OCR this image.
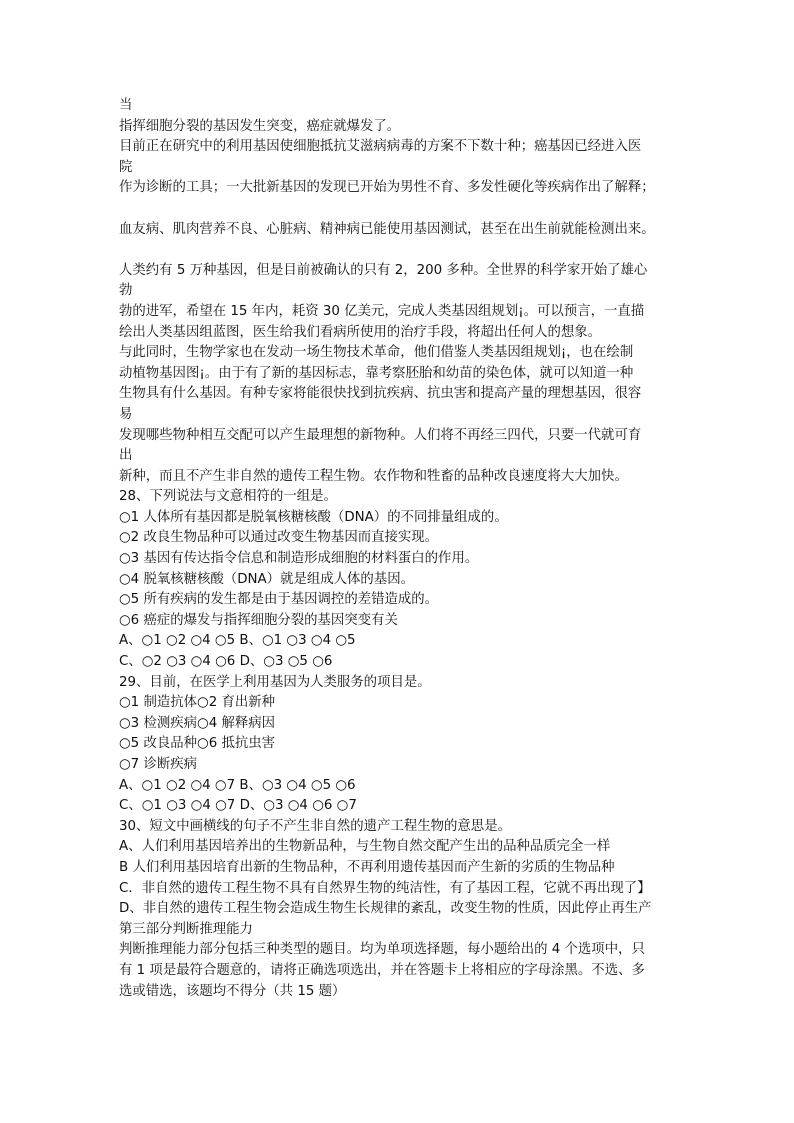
当
指挥细胞分裂的基因发生突变，癌症就爆发了。
目前正在研究中的利用基因使细胞抵抗艾滋病病毒的方案不下数十种；癌基因已经进入医
院
作为诊断的工具；一大批新基因的发现已开始为男性不育、多发性硬化等疾病作出了解释；
血友病、肌肉营养不良、心脏病、精神病已能使用基因测试，甚至在出生前就能检测出来。
人类约有 5 万种基因，但是目前被确认的只有 2，200 多种。全世界的科学家开始了雄心
勃
勃的进军，希望在 15 年内，耗资 30 亿美元，完成人类基因组规划¡。可以预言，一直描
绘出人类基因组蓝图，医生给我们看病所使用的治疗手段，将超出任何人的想象。
与此同时，生物学家也在发动一场生物技术革命，他们借鉴人类基因组规划¡，也在绘制
动植物基因图¡。由于有了新的基因标志，靠考察胚胎和幼苗的染色体，就可以知道一种
生物具有什么基因。有种专家将能很快找到抗疾病、抗虫害和提高产量的理想基因，很容
易
发现哪些物种相互交配可以产生最理想的新物种。人们将不再经三四代，只要一代就可育
出
新种，而且不产生非自然的遗传工程生物。农作物和牲畜的品种改良速度将大大加快。
28、下列说法与文意相符的一组是。
○1 人体所有基因都是脱氧核糖核酸（DNA）的不同排量组成的。
○2 改良生物品种可以通过改变生物基因而直接实现。
○3 基因有传达指令信息和制造形成细胞的材料蛋白的作用。
○4 脱氧核糖核酸（DNA）就是组成人体的基因。
○5 所有疾病的发生都是由于基因调控的差错造成的。
○6 癌症的爆发与指挥细胞分裂的基因突变有关
A、○1 ○2 ○4 ○5 B、○1 ○3 ○4 ○5
C、○2 ○3 ○4 ○6 D、○3 ○5 ○6
29、目前，在医学上利用基因为人类服务的项目是。
○1 制造抗体○2 育出新种
○3 检测疾病○4 解释病因
○5 改良品种○6 抵抗虫害
○7 诊断疾病
A、○1 ○2 ○4 ○7 B、○3 ○4 ○5 ○6
C、○1 ○3 ○4 ○7 D、○3 ○4 ○6 ○7
30、短文中画横线的句子不产生非自然的遗产工程生物的意思是。
A、人们利用基因培养出的生物新品种，与生物自然交配产生出的品种品质完全一样
B 人们利用基因培育出新的生物品种，不再利用遗传基因而产生新的劣质的生物品种
C．非自然的遗传工程生物不具有自然界生物的纯洁性，有了基因工程，它就不再出现了】
D、非自然的遗传工程生物会造成生物生长规律的紊乱，改变生物的性质，因此停止再生产
第三部分判断推理能力
判断推理能力部分包括三种类型的题目。均为单项选择题，每小题给出的 4 个选项中，只
有 1 项是最符合题意的，请将正确选项选出，并在答题卡上将相应的字母涂黑。不选、多
选或错选，该题均不得分（共 15 题）
